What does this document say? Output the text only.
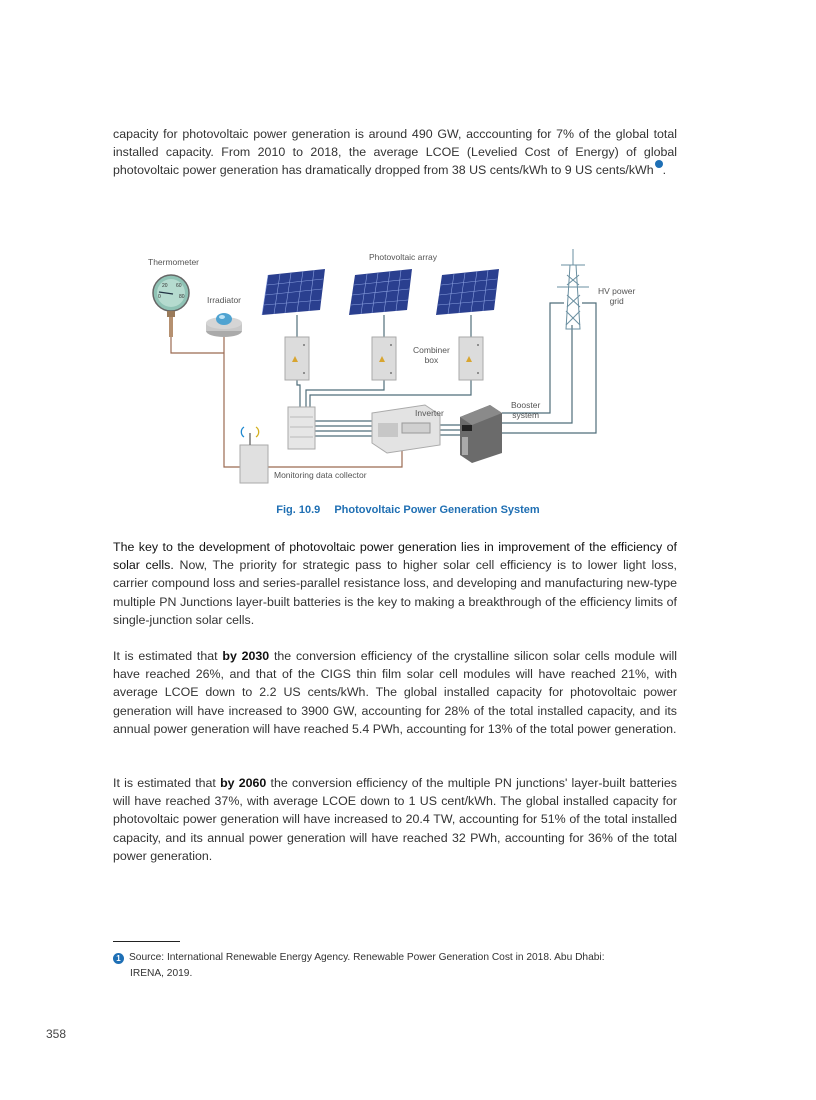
capacity for photovoltaic power generation is around 490 GW, acccounting for 7% of the global total installed capacity. From 2010 to 2018, the average LCOE (Levelied Cost of Energy) of global photovoltaic power generation has dramatically dropped from 38 US cents/kWh to 9 US cents/kWh .
20 60
0	80
Thermometer
Irradiator
Photovoltaic array
HV power
grid
Combiner
box
Inverter
Booster
system
Monitoring data collector
Fig. 10.9 Photovoltaic Power Generation System
The key to the development of photovoltaic power generation lies in improvement of the efficiency of solar cells. Now, The priority for strategic pass to higher solar cell efficiency is to lower light loss, carrier compound loss and series-parallel resistance loss, and developing and manufacturing new-type multiple PN Junctions layer-built batteries is the key to making a breakthrough of the efficiency limits of single-junction solar cells.
It is estimated that by 2030 the conversion efficiency of the crystalline silicon solar cells module will have reached 26%, and that of the CIGS thin film solar cell modules will have reached 21%, with average LCOE down to 2.2 US cents/kWh. The global installed capacity for photovoltaic power generation will have increased to 3900 GW, accounting for 28% of the total installed capacity, and its annual power generation will have reached 5.4 PWh, accounting for 13% of the total power generation.
It is estimated that by 2060 the conversion efficiency of the multiple PN junctions' layer-built batteries will have reached 37%, with average LCOE down to 1 US cent/kWh. The global installed capacity for photovoltaic power generation will have increased to 20.4 TW, accounting for 51% of the total installed capacity, and its annual power generation will have reached 32 PWh, accounting for 36% of the total power generation.
1 Source: International Renewable Energy Agency. Renewable Power Generation Cost in 2018. Abu Dhabi:
IRENA, 2019.
358
